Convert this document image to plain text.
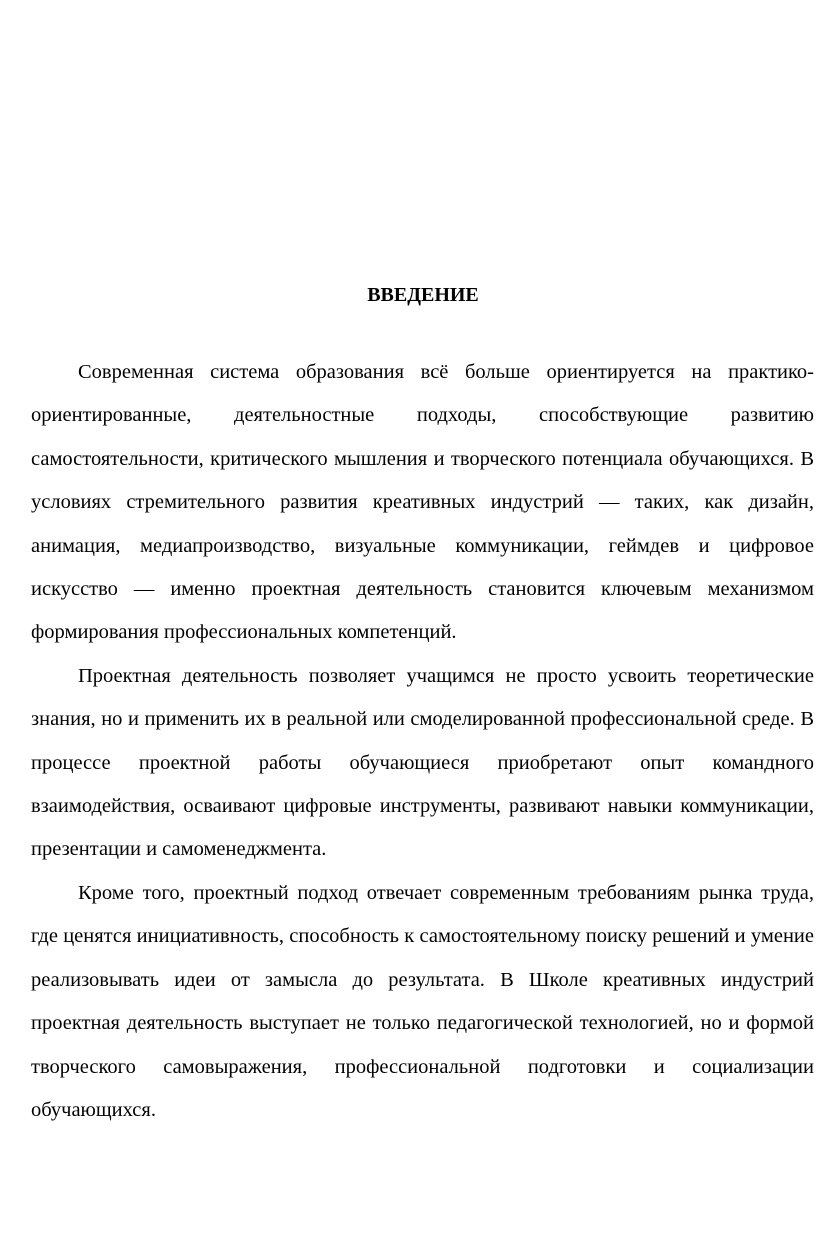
ВВЕДЕНИЕ

Современная система образования всё больше ориентируется на практико-ориентированные, деятельностные подходы, способствующие развитию самостоятельности, критического мышления и творческого потенциала обучающихся. В условиях стремительного развития креативных индустрий — таких, как дизайн, анимация, медиапроизводство, визуальные коммуникации, геймдев и цифровое искусство — именно проектная деятельность становится ключевым механизмом формирования профессиональных компетенций.

Проектная деятельность позволяет учащимся не просто усвоить теоретические знания, но и применить их в реальной или смоделированной профессиональной среде. В процессе проектной работы обучающиеся приобретают опыт командного взаимодействия, осваивают цифровые инструменты, развивают навыки коммуникации, презентации и самоменеджмента.

Кроме того, проектный подход отвечает современным требованиям рынка труда, где ценятся инициативность, способность к самостоятельному поиску решений и умение реализовывать идеи от замысла до результата. В Школе креативных индустрий проектная деятельность выступает не только педагогической технологией, но и формой творческого самовыражения, профессиональной подготовки и социализации обучающихся.
